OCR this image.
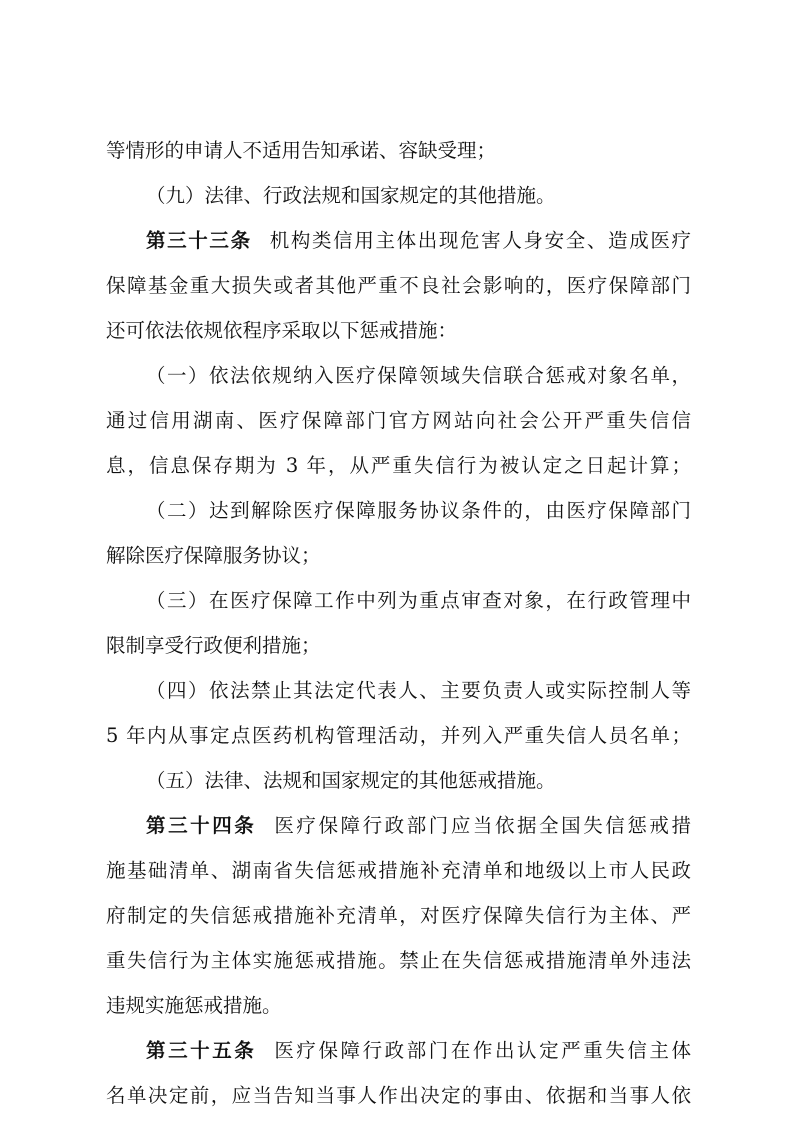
等情形的申请人不适用告知承诺、容缺受理；
（九）法律、行政法规和国家规定的其他措施。
第三十三条 机构类信用主体出现危害人身安全、造成医疗
保障基金重大损失或者其他严重不良社会影响的，医疗保障部门
还可依法依规依程序采取以下惩戒措施：
（一）依法依规纳入医疗保障领域失信联合惩戒对象名单，
通过信用湖南、医疗保障部门官方网站向社会公开严重失信信
息，信息保存期为 3 年，从严重失信行为被认定之日起计算；
（二）达到解除医疗保障服务协议条件的，由医疗保障部门
解除医疗保障服务协议；
（三）在医疗保障工作中列为重点审查对象，在行政管理中
限制享受行政便利措施；
（四）依法禁止其法定代表人、主要负责人或实际控制人等
5 年内从事定点医药机构管理活动，并列入严重失信人员名单；
（五）法律、法规和国家规定的其他惩戒措施。
第三十四条 医疗保障行政部门应当依据全国失信惩戒措
施基础清单、湖南省失信惩戒措施补充清单和地级以上市人民政
府制定的失信惩戒措施补充清单，对医疗保障失信行为主体、严
重失信行为主体实施惩戒措施。禁止在失信惩戒措施清单外违法
违规实施惩戒措施。
第三十五条 医疗保障行政部门在作出认定严重失信主体
名单决定前，应当告知当事人作出决定的事由、依据和当事人依
